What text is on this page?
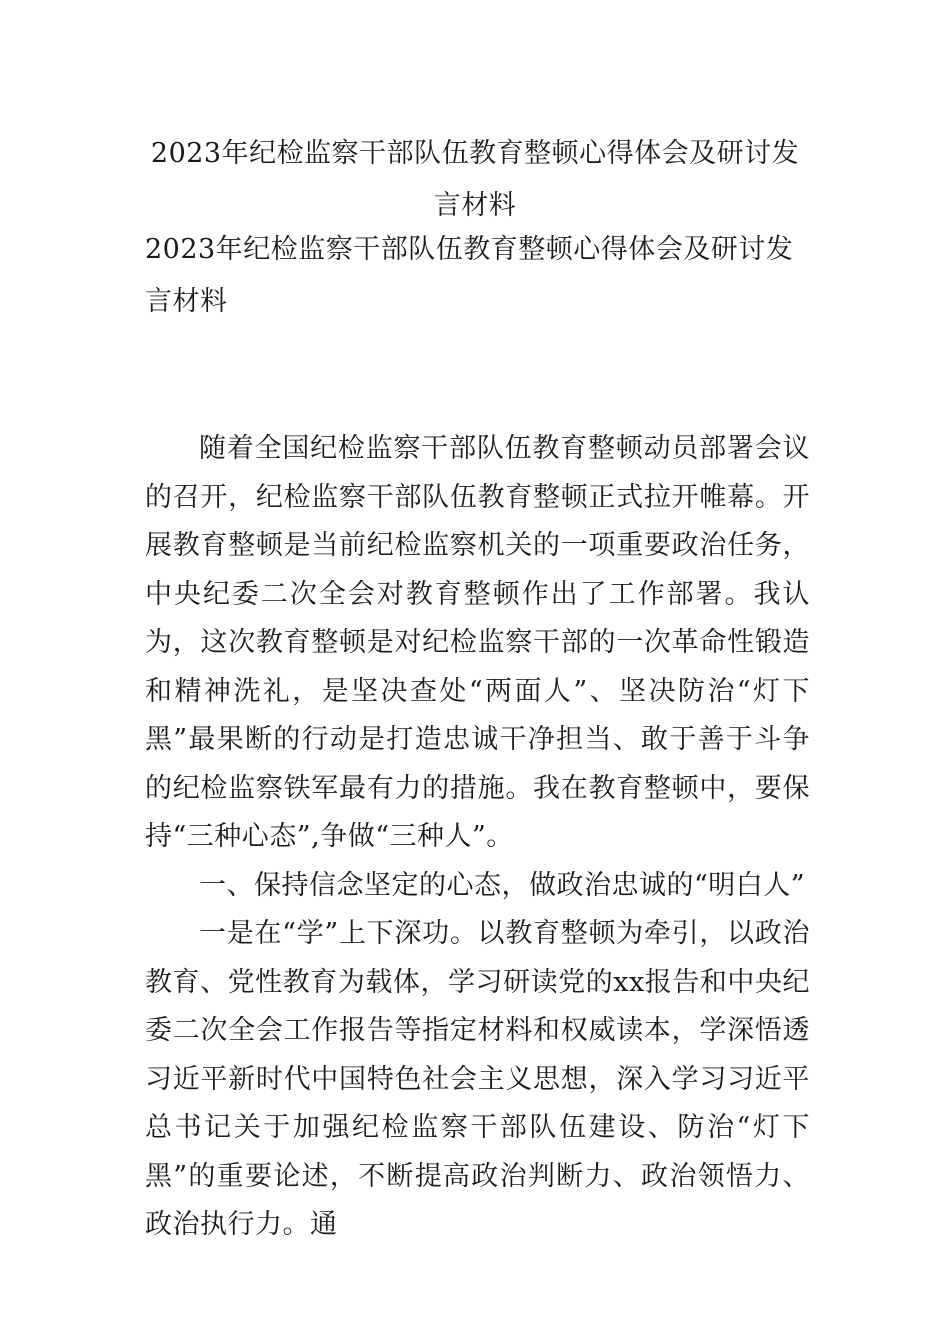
2023年纪检监察干部队伍教育整顿心得体会及研讨发言材料
2023年纪检监察干部队伍教育整顿心得体会及研讨发言材料

随着全国纪检监察干部队伍教育整顿动员部署会议的召开，纪检监察干部队伍教育整顿正式拉开帷幕。开展教育整顿是当前纪检监察机关的一项重要政治任务，中央纪委二次全会对教育整顿作出了工作部署。我认为，这次教育整顿是对纪检监察干部的一次革命性锻造和精神洗礼，是坚决查处“两面人”、坚决防治“灯下黑”最果断的行动是打造忠诚干净担当、敢于善于斗争的纪检监察铁军最有力的措施。我在教育整顿中，要保持“三种心态”,争做“三种人”。

一、保持信念坚定的心态，做政治忠诚的“明白人”

一是在“学”上下深功。以教育整顿为牵引，以政治教育、党性教育为载体，学习研读党的xx报告和中央纪委二次全会工作报告等指定材料和权威读本，学深悟透习近平新时代中国特色社会主义思想，深入学习习近平总书记关于加强纪检监察干部队伍建设、防治“灯下黑”的重要论述，不断提高政治判断力、政治领悟力、政治执行力。通
